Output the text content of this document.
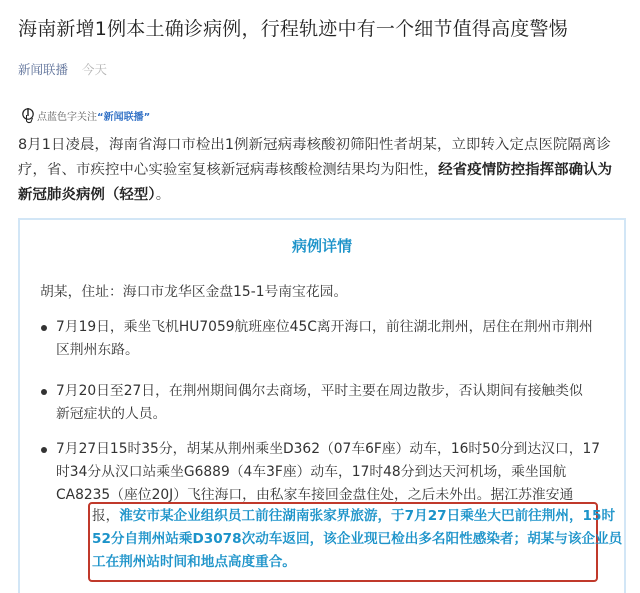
海南新增1例本土确诊病例，行程轨迹中有一个细节值得高度警惕
新闻联播 今天
点蓝色字关注 “新闻联播”
8月1日凌晨，海南省海口市检出1例新冠病毒核酸初筛阳性者胡某，立即转入定点医院隔离诊
疗，省、市疾控中心实验室复核新冠病毒核酸检测结果均为阳性，经省疫情防控指挥部确认为
新冠肺炎病例（轻型）。
病例详情
胡某，住址：海口市龙华区金盘15-1号南宝花园。
7月19日，乘坐飞机HU7059航班座位45C离开海口，前往湖北荆州，居住在荆州市荆州
区荆州东路。
7月20日至27日，在荆州期间偶尔去商场，平时主要在周边散步，否认期间有接触类似
新冠症状的人员。
7月27日15时35分，胡某从荆州乘坐D362（07车6F座）动车，16时50分到达汉口，17
时34分从汉口站乘坐G6889（4车3F座）动车，17时48分到达天河机场，乘坐国航
CA8235（座位20J）飞往海口，由私家车接回金盘住处，之后未外出。据江苏淮安通
报，淮安市某企业组织员工前往湖南张家界旅游，于7月27日乘坐大巴前往荆州，15时
52分自荆州站乘D3078次动车返回，该企业现已检出多名阳性感染者；胡某与该企业员
工在荆州站时间和地点高度重合。
